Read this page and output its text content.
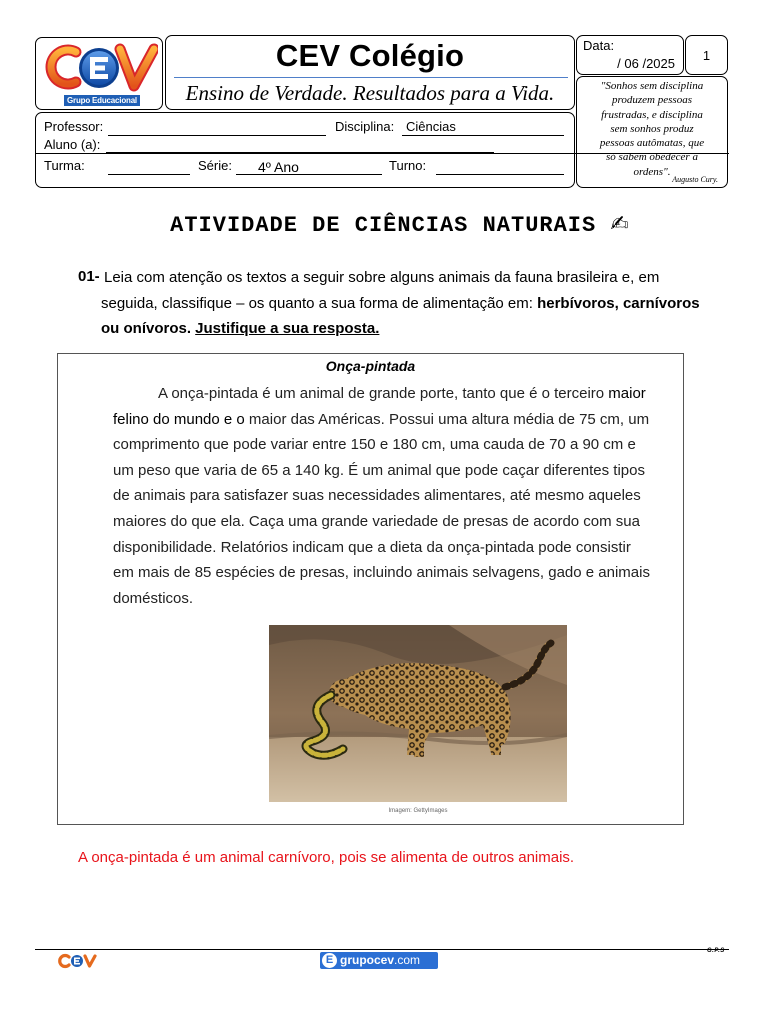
Grupo Educacional
CEV Colégio
Ensino de Verdade. Resultados para a Vida.
Data:
/ 06 /2025
1
"Sonhos sem disciplina
produzem pessoas
frustradas, e disciplina
sem sonhos produz
pessoas autômatas, que
só sabem obedecer a
ordens".
Augusto Cury.
Professor:	Disciplina: Ciências
Aluno (a):
Turma:	Série: 4º Ano	Turno:
ATIVIDADE DE CIÊNCIAS NATURAIS ✍
01- Leia com atenção os textos a seguir sobre alguns animais da fauna brasileira e, em
seguida, classifique – os quanto a sua forma de alimentação em: herbívoros, carnívoros
ou onívoros. Justifique a sua resposta.
Onça-pintada
A onça-pintada é um animal de grande porte, tanto que é o terceiro maior
felino do mundo e o maior das Américas. Possui uma altura média de 75 cm, um
comprimento que pode variar entre 150 e 180 cm, uma cauda de 70 a 90 cm e
um peso que varia de 65 a 140 kg. É um animal que pode caçar diferentes tipos
de animais para satisfazer suas necessidades alimentares, até mesmo aqueles
maiores do que ela. Caça uma grande variedade de presas de acordo com sua
disponibilidade. Relatórios indicam que a dieta da onça-pintada pode consistir
em mais de 85 espécies de presas, incluindo animais selvagens, gado e animais
domésticos.
Imagem: GettyImages
A onça-pintada é um animal carnívoro, pois se alimenta de outros animais.
G.P.S
E grupocev.com
